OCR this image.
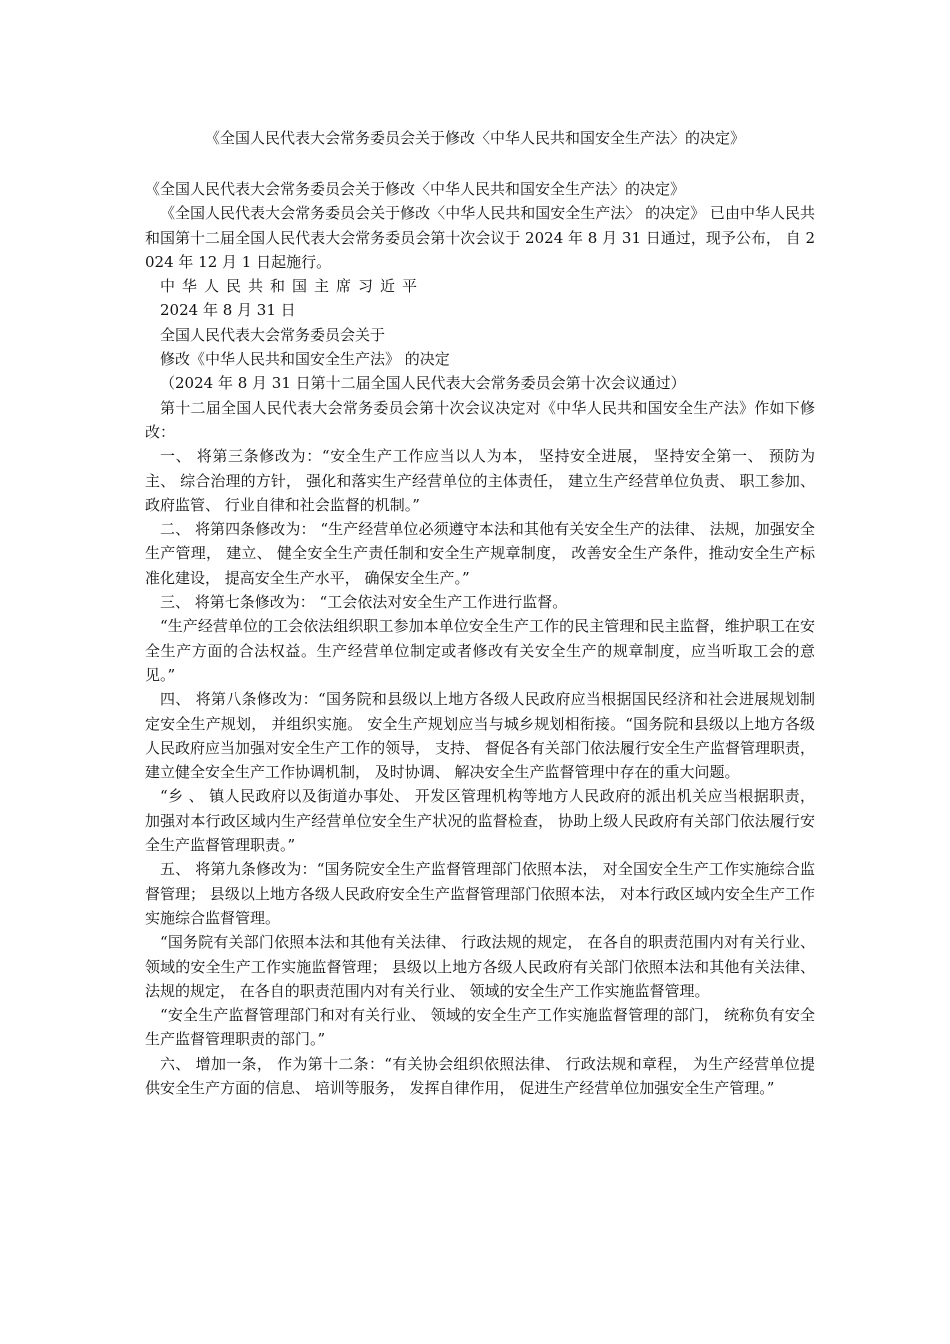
《全国人民代表大会常务委员会关于修改〈中华人民共和国安全生产法〉的决定》

《全国人民代表大会常务委员会关于修改〈中华人民共和国安全生产法〉的决定》

《全国人民代表大会常务委员会关于修改〈中华人民共和国安全生产法〉 的决定》 已由中华人民共和国第十二届全国人民代表大会常务委员会第十次会议于 2024 年 8 月 31 日通过，现予公布， 自 2024 年 12 月 1 日起施行。

中华人民共和国主席习近平

2024 年 8 月 31 日

全国人民代表大会常务委员会关于

修改《中华人民共和国安全生产法》 的决定

（2024 年 8 月 31 日第十二届全国人民代表大会常务委员会第十次会议通过）

第十二届全国人民代表大会常务委员会第十次会议决定对《中华人民共和国安全生产法》作如下修改：

一、 将第三条修改为：“安全生产工作应当以人为本， 坚持安全进展， 坚持安全第一、 预防为主、 综合治理的方针， 强化和落实生产经营单位的主体责任， 建立生产经营单位负责、 职工参加、 政府监管、 行业自律和社会监督的机制。”

二、 将第四条修改为： “生产经营单位必须遵守本法和其他有关安全生产的法律、 法规，加强安全生产管理， 建立、 健全安全生产责任制和安全生产规章制度， 改善安全生产条件，推动安全生产标准化建设， 提高安全生产水平， 确保安全生产。”

三、 将第七条修改为： “工会依法对安全生产工作进行监督。

“生产经营单位的工会依法组织职工参加本单位安全生产工作的民主管理和民主监督，维护职工在安全生产方面的合法权益。生产经营单位制定或者修改有关安全生产的规章制度，应当听取工会的意见。”

四、 将第八条修改为：“国务院和县级以上地方各级人民政府应当根据国民经济和社会进展规划制定安全生产规划， 并组织实施。 安全生产规划应当与城乡规划相衔接。“国务院和县级以上地方各级人民政府应当加强对安全生产工作的领导， 支持、 督促各有关部门依法履行安全生产监督管理职责， 建立健全安全生产工作协调机制， 及时协调、 解决安全生产监督管理中存在的重大问题。

“乡 、 镇人民政府以及街道办事处、 开发区管理机构等地方人民政府的派出机关应当根据职责， 加强对本行政区域内生产经营单位安全生产状况的监督检查， 协助上级人民政府有关部门依法履行安全生产监督管理职责。”

五、 将第九条修改为：“国务院安全生产监督管理部门依照本法， 对全国安全生产工作实施综合监督管理； 县级以上地方各级人民政府安全生产监督管理部门依照本法， 对本行政区域内安全生产工作实施综合监督管理。

“国务院有关部门依照本法和其他有关法律、 行政法规的规定， 在各自的职责范围内对有关行业、 领域的安全生产工作实施监督管理； 县级以上地方各级人民政府有关部门依照本法和其他有关法律、 法规的规定， 在各自的职责范围内对有关行业、 领域的安全生产工作实施监督管理。

“安全生产监督管理部门和对有关行业、 领域的安全生产工作实施监督管理的部门， 统称负有安全生产监督管理职责的部门。”

六、 增加一条， 作为第十二条：“有关协会组织依照法律、 行政法规和章程， 为生产经营单位提供安全生产方面的信息、 培训等服务， 发挥自律作用， 促进生产经营单位加强安全生产管理。”
